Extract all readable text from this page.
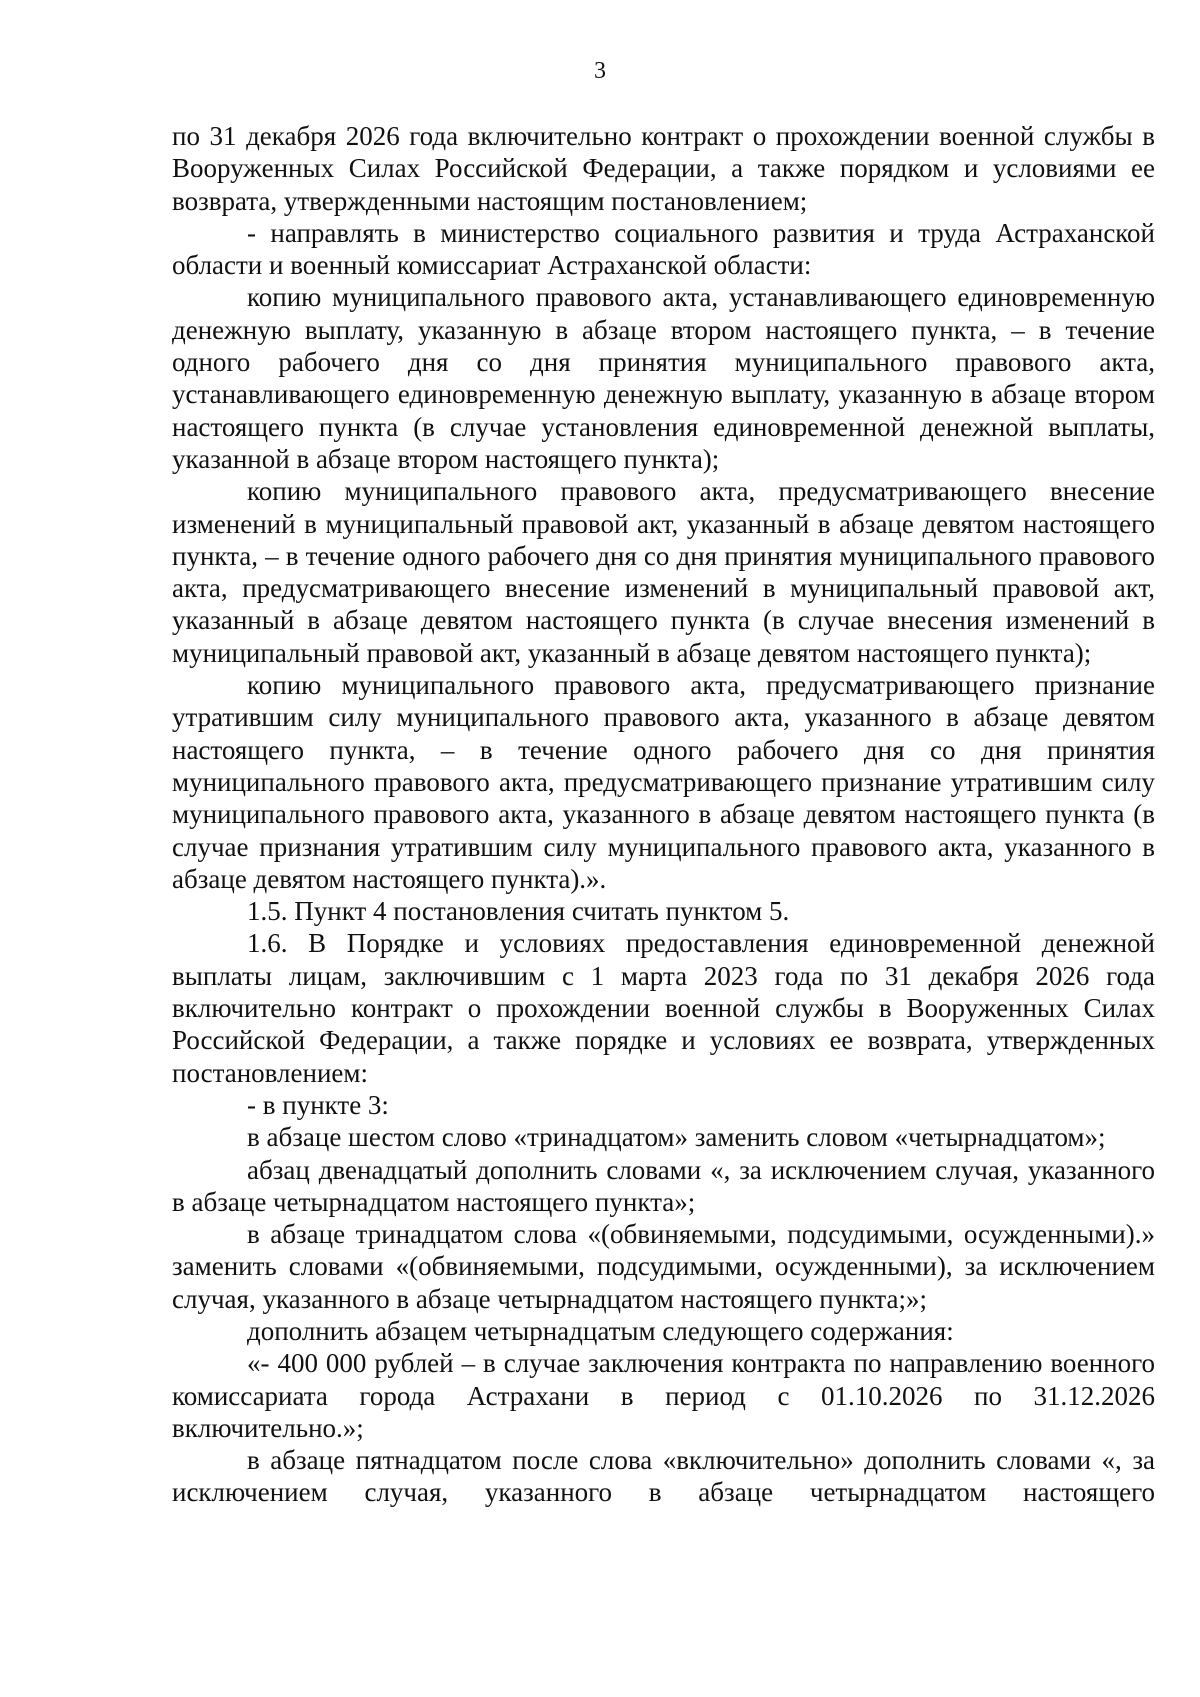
3

по 31 декабря 2026 года включительно контракт о прохождении военной службы в Вооруженных Силах Российской Федерации, а также порядком и условиями ее возврата, утвержденными настоящим постановлением;

- направлять в министерство социального развития и труда Астраханской области и военный комиссариат Астраханской области:

копию муниципального правового акта, устанавливающего единовременную денежную выплату, указанную в абзаце втором настоящего пункта, – в течение одного рабочего дня со дня принятия муниципального правового акта, устанавливающего единовременную денежную выплату, указанную в абзаце втором настоящего пункта (в случае установления единовременной денежной выплаты, указанной в абзаце втором настоящего пункта);

копию муниципального правового акта, предусматривающего внесение изменений в муниципальный правовой акт, указанный в абзаце девятом настоящего пункта, – в течение одного рабочего дня со дня принятия муниципального правового акта, предусматривающего внесение изменений в муниципальный правовой акт, указанный в абзаце девятом настоящего пункта (в случае внесения изменений в муниципальный правовой акт, указанный в абзаце девятом настоящего пункта);

копию муниципального правового акта, предусматривающего признание утратившим силу муниципального правового акта, указанного в абзаце девятом настоящего пункта, – в течение одного рабочего дня со дня принятия муниципального правового акта, предусматривающего признание утратившим силу муниципального правового акта, указанного в абзаце девятом настоящего пункта (в случае признания утратившим силу муниципального правового акта, указанного в абзаце девятом настоящего пункта).».

1.5. Пункт 4 постановления считать пунктом 5.

1.6. В Порядке и условиях предоставления единовременной денежной выплаты лицам, заключившим с 1 марта 2023 года по 31 декабря 2026 года включительно контракт о прохождении военной службы в Вооруженных Силах Российской Федерации, а также порядке и условиях ее возврата, утвержденных постановлением:

- в пункте 3:

в абзаце шестом слово «тринадцатом» заменить словом «четырнадцатом»;

абзац двенадцатый дополнить словами «, за исключением случая, указанного в абзаце четырнадцатом настоящего пункта»;

в абзаце тринадцатом слова «(обвиняемыми, подсудимыми, осужденными).» заменить словами «(обвиняемыми, подсудимыми, осужденными), за исключением случая, указанного в абзаце четырнадцатом настоящего пункта;»;

дополнить абзацем четырнадцатым следующего содержания:

«- 400 000 рублей – в случае заключения контракта по направлению военного комиссариата города Астрахани в период с 01.10.2026 по 31.12.2026 включительно.»;

в абзаце пятнадцатом после слова «включительно» дополнить словами «, за исключением случая, указанного в абзаце четырнадцатом настоящего
